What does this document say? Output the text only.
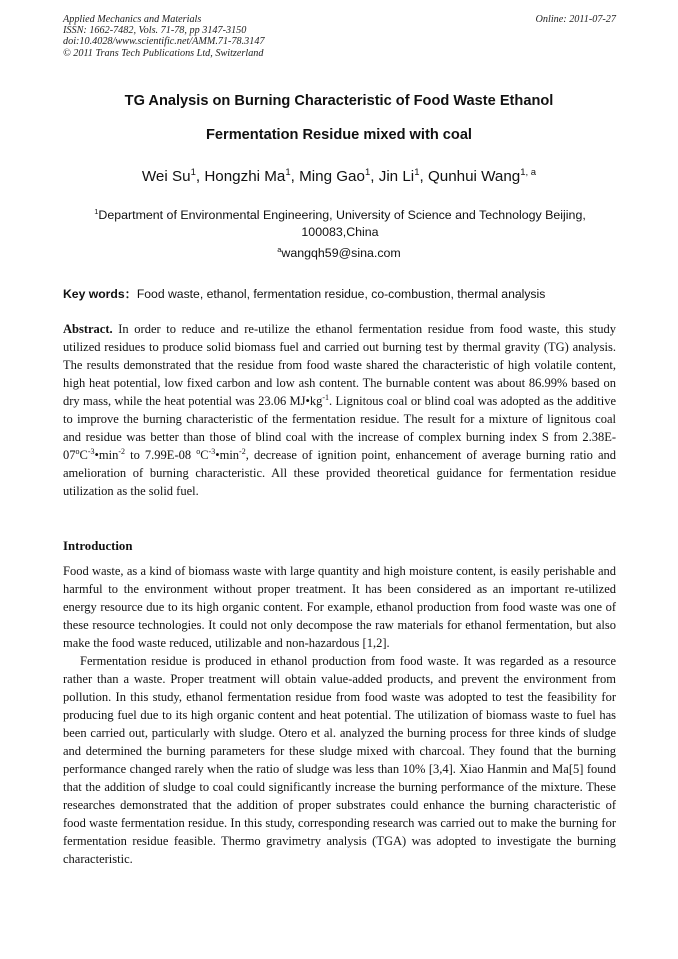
Applied Mechanics and Materials
ISSN: 1662-7482, Vols. 71-78, pp 3147-3150
doi:10.4028/www.scientific.net/AMM.71-78.3147
© 2011 Trans Tech Publications Ltd, Switzerland
Online: 2011-07-27
TG Analysis on Burning Characteristic of Food Waste Ethanol
Fermentation Residue mixed with coal
Wei Su$^1$, Hongzhi Ma$^1$, Ming Gao$^1$, Jin Li$^1$, Qunhui Wang$^{1, a}$
$^1$Department of Environmental Engineering, University of Science and Technology Beijing,
100083,China
$^a$wangqh59@sina.com
Key words：Food waste, ethanol, fermentation residue, co-combustion, thermal analysis

Abstract. In order to reduce and re-utilize the ethanol fermentation residue from food waste, this study utilized residues to produce solid biomass fuel and carried out burning test by thermal gravity (TG) analysis. The results demonstrated that the residue from food waste shared the characteristic of high volatile content, high heat potential, low fixed carbon and low ash content. The burnable content was about 86.99% based on dry mass, while the heat potential was 23.06 $MJ•kg^{-1}$. Lignitous coal or blind coal was adopted as the additive to improve the burning characteristic of the fermentation residue. The result for a mixture of lignitous coal and residue was better than those of blind coal with the increase of complex burning index S from $2.38E-07^oC^{-3}•\min^{-2}$ to 7.99E-08 $^oC^{-3}•\min^{-2}$, decrease of ignition point, enhancement of average burning ratio and amelioration of burning characteristic. All these provided theoretical guidance for fermentation residue utilization as the solid fuel.

Introduction

Food waste, as a kind of biomass waste with large quantity and high moisture content, is easily perishable and harmful to the environment without proper treatment. It has been considered as an important re-utilized energy resource due to its high organic content. For example, ethanol production from food waste was one of these resource technologies. It could not only decompose the raw materials for ethanol fermentation, but also make the food waste reduced, utilizable and non-hazardous [1,2].

Fermentation residue is produced in ethanol production from food waste. It was regarded as a resource rather than a waste. Proper treatment will obtain value-added products, and prevent the environment from pollution. In this study, ethanol fermentation residue from food waste was adopted to test the feasibility for producing fuel due to its high organic content and heat potential. The utilization of biomass waste to fuel has been carried out, particularly with sludge. Otero et al. analyzed the burning process for three kinds of sludge and determined the burning parameters for these sludge mixed with charcoal. They found that the burning performance changed rarely when the ratio of sludge was less than 10% [3,4]. Xiao Hanmin and Ma[5] found that the addition of sludge to coal could significantly increase the burning performance of the mixture. These researches demonstrated that the addition of proper substrates could enhance the burning characteristic of food waste fermentation residue. In this study, corresponding research was carried out to make the burning for fermentation residue feasible. Thermo gravimetry analysis (TGA) was adopted to investigate the burning characteristic.
